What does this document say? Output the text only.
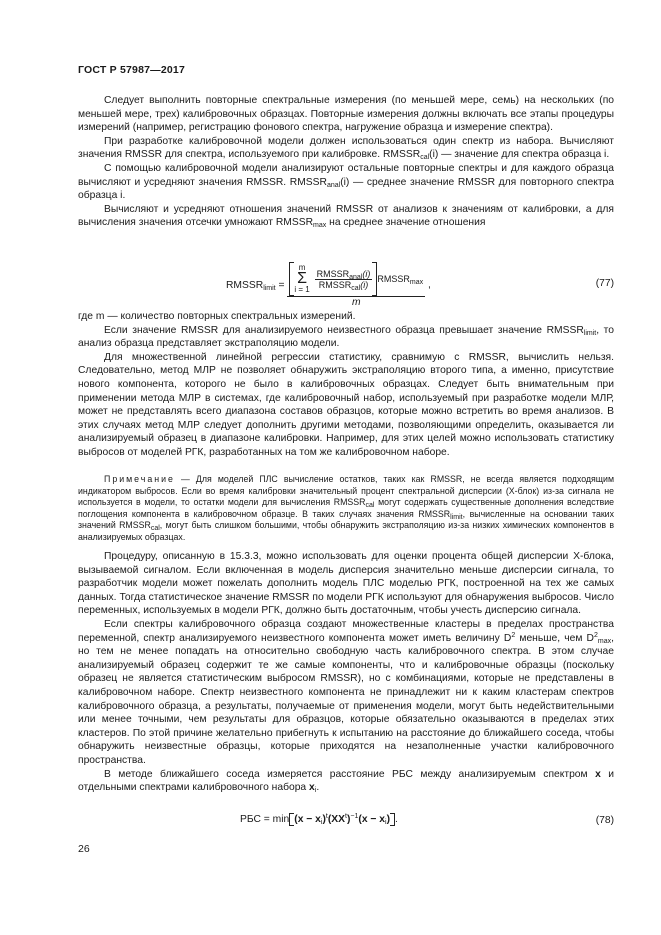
ГОСТ Р 57987—2017

Следует выполнить повторные спектральные измерения (по меньшей мере, семь) на нескольких (по меньшей мере, трех) калибровочных образцах. Повторные измерения должны включать все этапы процедуры измерений (например, регистрацию фонового спектра, нагружение образца и измерение спектра).

При разработке калибровочной модели должен использоваться один спектр из набора. Вычисляют значения RMSSR для спектра, используемого при калибровке. $RMSSR_{cal}(i)$ — значение для спектра образца i.

С помощью калибровочной модели анализируют остальные повторные спектры и для каждого образца вычисляют и усредняют значения RMSSR. $RMSSR_{anal}(i)$ — среднее значение RMSSR для повторного спектра образца i.

Вычисляют и усредняют отношения значений RMSSR от анализов к значениям от калибровки, а для вычисления значения отсечки умножают $RMSSR_{max}$ на среднее значение отношения

$RMSSR_{limit}$ =
m
Σ
$i = 1 \frac{RMSSR_{anal}(i)}{RMSSR_{cal}(i)}$ $RMSSR_{max}$
m
,	(77)

где m — количество повторных спектральных измерений.

Если значение RMSSR для анализируемого неизвестного образца превышает значение $RMSSR_{limit}$, то анализ образца представляет экстраполяцию модели.

Для множественной линейной регрессии статистику, сравнимую с RMSSR, вычислить нельзя. Следовательно, метод МЛР не позволяет обнаружить экстраполяцию второго типа, а именно, присутствие нового компонента, которого не было в калибровочных образцах. Следует быть внимательным при применении метода МЛР в системах, где калибровочный набор, используемый при разработке модели МЛР, может не представлять всего диапазона составов образцов, которые можно встретить во время анализов. В этих случаях метод МЛР следует дополнить другими методами, позволяющими определить, оказывается ли анализируемый образец в диапазоне калибровки. Например, для этих целей можно использовать статистику выбросов от моделей РГК, разработанных на том же калибровочном наборе.

Примечание — Для моделей ПЛС вычисление остатков, таких как RMSSR, не всегда является подходящим индикатором выбросов. Если во время калибровки значительный процент спектральной дисперсии (X-блок) из-за сигнала не используется в модели, то остатки модели для вычисления $RMSSR_{cal}$ могут содержать существенные дополнения вследствие поглощения компонента в калибровочном образце. В таких случаях значения $RMSSR_{limit}$, вычисленные на основании таких значений $RMSSR_{cal}$, могут быть слишком большими, чтобы обнаружить экстраполяцию из-за низких химических компонентов в анализируемых образцах.

Процедуру, описанную в 15.3.3, можно использовать для оценки процента общей дисперсии X-блока, вызываемой сигналом. Если включенная в модель дисперсия значительно меньше дисперсии сигнала, то разработчик модели может пожелать дополнить модель ПЛС моделью РГК, построенной на тех же самых данных. Тогда статистическое значение RMSSR по модели РГК используют для обнаружения выбросов. Число переменных, используемых в модели РГК, должно быть достаточным, чтобы учесть дисперсию сигнала.

Если спектры калибровочного образца создают множественные кластеры в пределах пространства переменной, спектр анализируемого неизвестного компонента может иметь величину $D^2$ меньше, чем $D^2_{max}$, но тем не менее попадать на относительно свободную часть калибровочного спектра. В этом случае анализируемый образец содержит те же самые компоненты, что и калибровочные образцы (поскольку образец не является статистическим выбросом RMSSR), но с комбинациями, которые не представлены в калибровочном наборе. Спектр неизвестного компонента не принадлежит ни к каким кластерам спектров калибровочного образца, а результаты, получаемые от применения модели, могут быть недействительными или менее точными, чем результаты для образцов, которые обязательно оказываются в пределах этих кластеров. По этой причине желательно прибегнуть к испытанию на расстояние до ближайшего соседа, чтобы обнаружить неизвестные образцы, которые приходятся на незаполненные участки калибровочного пространства.

В методе ближайшего соседа измеряется расстояние РБС между анализируемым спектром x и отдельными спектрами калибровочного набора $x_i$.

РБС = $\min (x - x_i)^t(XX^t)^{-1}(x - x_i)$ .	(78)
26
